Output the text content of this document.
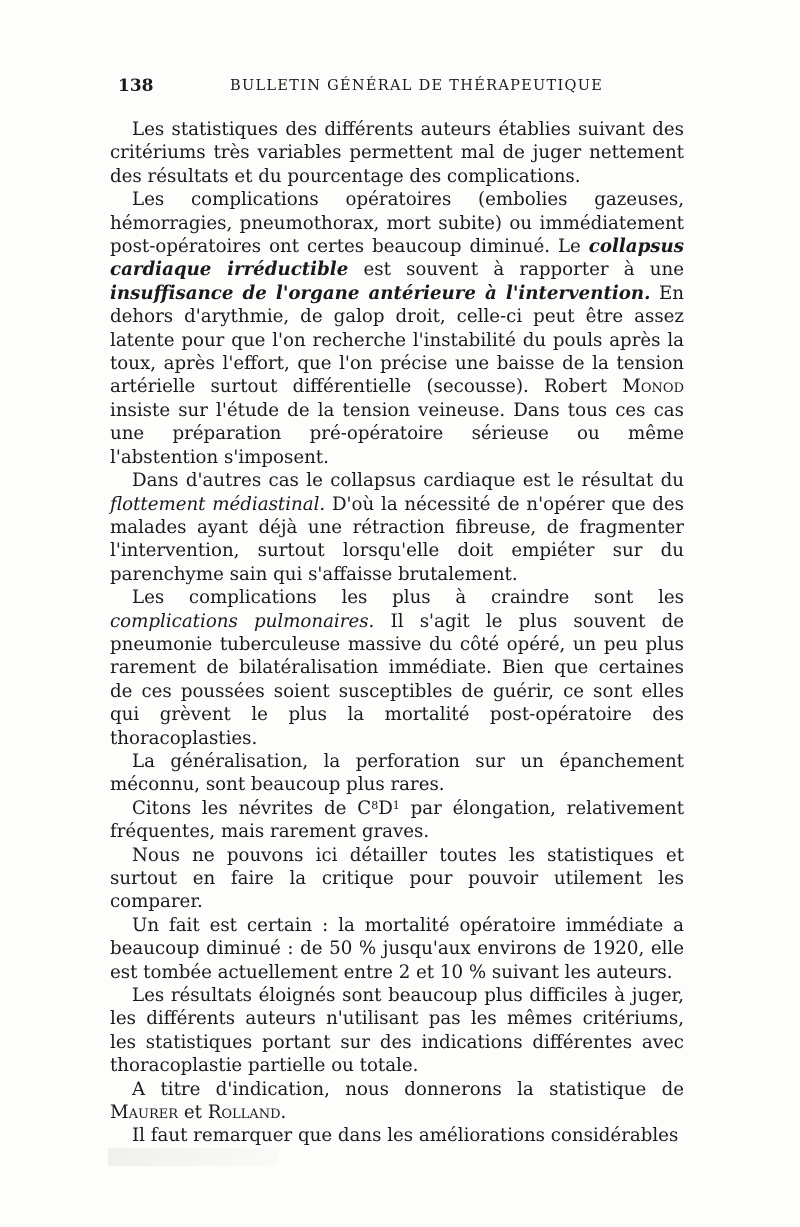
138	BULLETIN GÉNÉRAL DE THÉRAPEUTIQUE

Les statistiques des différents auteurs établies suivant des critériums très variables permettent mal de juger nettement des résultats et du pourcentage des complications.

Les complications opératoires (embolies gazeuses, hémorragies, pneumothorax, mort subite) ou immédiatement post-opératoires ont certes beaucoup diminué. Le collapsus cardiaque irréductible est souvent à rapporter à une insuffisance de l'organe antérieure à l'intervention. En dehors d'arythmie, de galop droit, celle-ci peut être assez latente pour que l'on recherche l'instabilité du pouls après la toux, après l'effort, que l'on précise une baisse de la tension artérielle surtout différentielle (secousse). Robert Monod insiste sur l'étude de la tension veineuse. Dans tous ces cas une préparation pré-opératoire sérieuse ou même l'abstention s'imposent.

Dans d'autres cas le collapsus cardiaque est le résultat du flottement médiastinal. D'où la nécessité de n'opérer que des malades ayant déjà une rétraction fibreuse, de fragmenter l'intervention, surtout lorsqu'elle doit empiéter sur du parenchyme sain qui s'affaisse brutalement.

Les complications les plus à craindre sont les complications pulmonaires. Il s'agit le plus souvent de pneumonie tuberculeuse massive du côté opéré, un peu plus rarement de bilatéralisation immédiate. Bien que certaines de ces poussées soient susceptibles de guérir, ce sont elles qui grèvent le plus la mortalité post-opératoire des thoracoplasties.

La généralisation, la perforation sur un épanchement méconnu, sont beaucoup plus rares.

Citons les névrites de $C^8D^1$ par élongation, relativement fréquentes, mais rarement graves.

Nous ne pouvons ici détailler toutes les statistiques et surtout en faire la critique pour pouvoir utilement les comparer.

Un fait est certain : la mortalité opératoire immédiate a beaucoup diminué : de 50 % jusqu'aux environs de 1920, elle est tombée actuellement entre 2 et 10 % suivant les auteurs.

Les résultats éloignés sont beaucoup plus difficiles à juger, les différents auteurs n'utilisant pas les mêmes critériums, les statistiques portant sur des indications différentes avec thoracoplastie partielle ou totale.

A titre d'indication, nous donnerons la statistique de Maurer et Rolland.

Il faut remarquer que dans les améliorations considérables
